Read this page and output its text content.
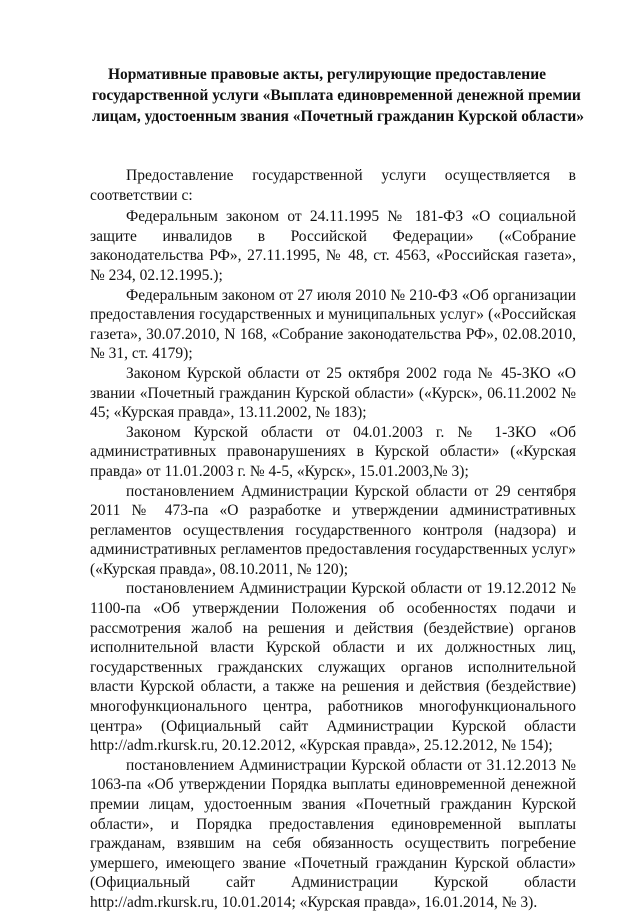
Нормативные правовые акты, регулирующие предоставление
государственной услуги «Выплата единовременной денежной премии
лицам, удостоенным звания «Почетный гражданин Курской области»

Предоставление государственной услуги осуществляется в соответствии с:

Федеральным законом от 24.11.1995 № 181-ФЗ «О социальной защите инвалидов в Российской Федерации» («Собрание законодательства РФ», 27.11.1995, № 48, ст. 4563, «Российская газета», № 234, 02.12.1995.);

Федеральным законом от 27 июля 2010 № 210-ФЗ «Об организации предоставления государственных и муниципальных услуг» («Российская газета», 30.07.2010, N 168, «Собрание законодательства РФ», 02.08.2010, № 31, ст. 4179);

Законом Курской области от 25 октября 2002 года № 45-ЗКО «О звании «Почетный гражданин Курской области» («Курск», 06.11.2002 № 45; «Курская правда», 13.11.2002, № 183);

Законом Курской области от 04.01.2003 г. № 1-ЗКО «Об административных правонарушениях в Курской области» («Курская правда» от 11.01.2003 г. № 4-5, «Курск», 15.01.2003,№ 3);

постановлением Администрации Курской области от 29 сентября 2011 № 473-па «О разработке и утверждении административных регламентов осуществления государственного контроля (надзора) и административных регламентов предоставления государственных услуг» («Курская правда», 08.10.2011, № 120);

постановлением Администрации Курской области от 19.12.2012 № 1100-па «Об утверждении Положения об особенностях подачи и рассмотрения жалоб на решения и действия (бездействие) органов исполнительной власти Курской области и их должностных лиц, государственных гражданских служащих органов исполнительной власти Курской области, а также на решения и действия (бездействие) многофункционального центра, работников многофункционального центра» (Официальный сайт Администрации Курской области http://adm.rkursk.ru, 20.12.2012, «Курская правда», 25.12.2012, № 154);

постановлением Администрации Курской области от 31.12.2013 № 1063-па «Об утверждении Порядка выплаты единовременной денежной премии лицам, удостоенным звания «Почетный гражданин Курской области», и Порядка предоставления единовременной выплаты гражданам, взявшим на себя обязанность осуществить погребение умершего, имеющего звание «Почетный гражданин Курской области» (Официальный сайт Администрации Курской области http://adm.rkursk.ru, 10.01.2014; «Курская правда», 16.01.2014, № 3).
